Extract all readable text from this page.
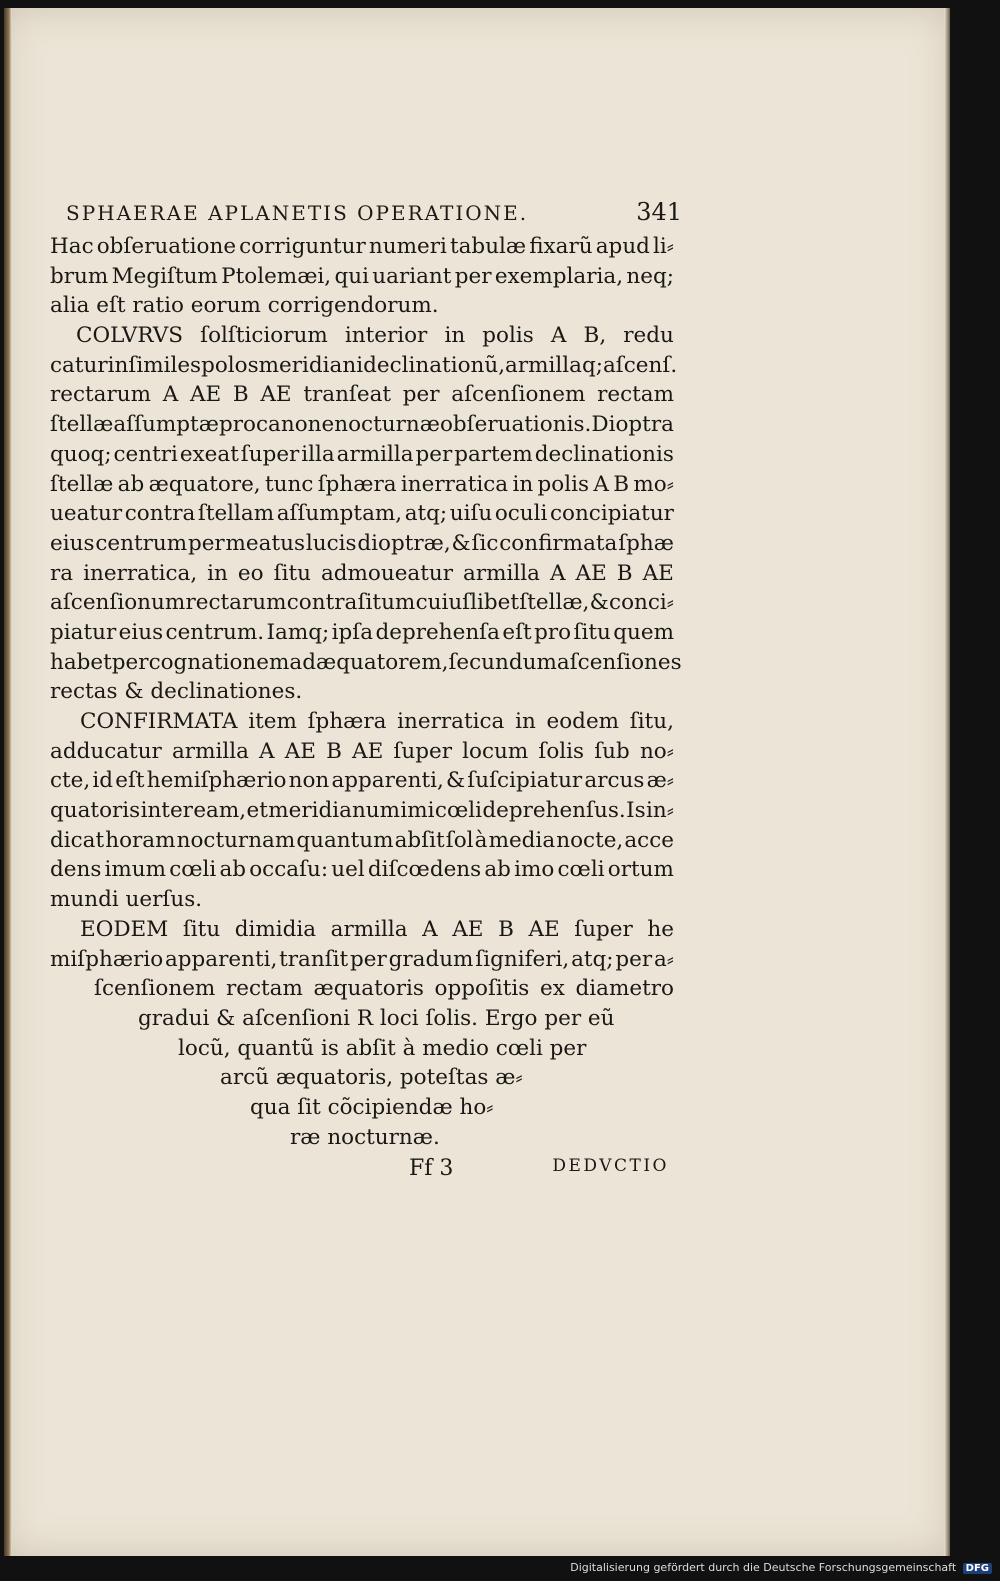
SPHAERAE APLANETIS OPERATIONE.	341
Hac obſeruatione corriguntur numeri tabulæ fixarũ apud li⸗
brum Megiſtum Ptolemæi, qui uariant per exemplaria, neq;
alia eſt ratio eorum corrigendorum.
COLVRVS ſolſticiorum interior in polis A B, redu
catur in ſimiles polos meridiani declinationũ, armillaq; aſcenſ.
rectarum A AE B AE tranſeat per aſcenſionem rectam
ſtellæ aſſumptæ pro canone nocturnæ obſeruationis. Dioptra
quoq; centri exeat ſuper illa armilla per partem declinationis
ſtellæ ab æquatore, tunc ſphæra inerratica in polis A B mo⸗
ueatur contra ſtellam aſſumptam, atq; uiſu oculi concipiatur
eius centrum per meatus lucis dioptræ, & ſic confirmata ſphæ
ra inerratica, in eo ſitu admoueatur armilla A AE B AE
aſcenſionum rectarum contra ſitum cuiuſlibet ſtellæ, & conci⸗
piatur eius centrum. Iamq; ipſa deprehenſa eſt pro ſitu quem
habet per cognationem ad æquatorem, ſecundum aſcenſiones
rectas & declinationes.
CONFIRMATA item ſphæra inerratica in eodem ſitu,
adducatur armilla A AE B AE ſuper locum ſolis ſub no⸗
cte, id eſt hemiſphærio non apparenti, & ſuſcipiatur arcus æ⸗
quatoris inter eam, et meridianum imi cœli deprehenſus. Is in⸗
dicat horam nocturnam quantum abſit ſol à media nocte, acce
dens imum cœli ab occaſu: uel diſcœdens ab imo cœli ortum
mundi uerſus.
EODEM ſitu dimidia armilla A AE B AE ſuper he
miſphærio apparenti, tranſit per gradum ſigniferi, atq; per a⸗
ſcenſionem rectam æquatoris oppoſitis ex diametro
gradui & aſcenſioni R loci ſolis. Ergo per eũ
locũ, quantũ is abſit à medio cœli per
arcũ æquatoris, poteſtas æ⸗
qua ſit cõcipiendæ ho⸗
ræ nocturnæ.
Ff 3	DEDVCTIO
Digitalisierung gefördert durch die Deutsche Forschungsgemeinschaft DFG
